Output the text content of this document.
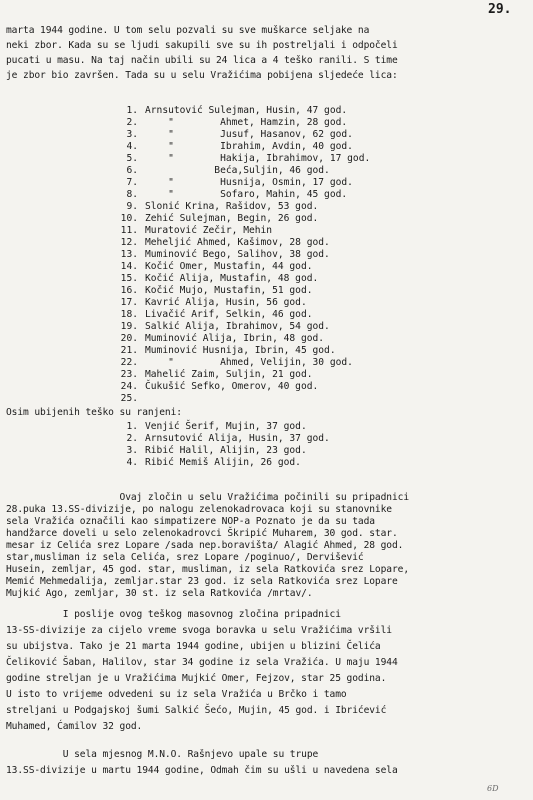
29.
marta 1944 godine. U tom selu pozvali su sve muškarce seljake na
neki zbor. Kada su se ljudi sakupili sve su ih postreljali i odpočeli
pucati u masu. Na taj način ubili su 24 lica a 4 teško ranili. S time
je zbor bio završen. Tada su u selu Vražićima pobijena sljedeće lica:
1. Arnsutović Sulejman, Husin, 47 god.
2. "        Ahmet, Hamzin, 28 god.
3. "        Jusuf, Hasanov, 62 god.
4. "        Ibrahim, Avdin, 40 god.
5. "        Hakija, Ibrahimov, 17 god.
6. Beća,Suljin, 46 god.
7. "        Husnija, Osmin, 17 god.
8. "        Sofaro, Mahin, 45 god.
9. Slonić Krina, Rašidov, 53 god.
10. Zehić Sulejman, Begin, 26 god.
11. Muratović Zečir, Mehin
12. Meheljić Ahmed, Kašimov, 28 god.
13. Muminović Bego, Salihov, 38 god.
14. Kočić Omer, Mustafin, 44 god.
15. Kočić Alija, Mustafin, 48 god.
16. Kočić Mujo, Mustafin, 51 god.
17. Kavrić Alija, Husin, 56 god.
18. Livačić Arif, Selkin, 46 god.
19. Salkić Alija, Ibrahimov, 54 god.
20. Muminović Alija, Ibrin, 48 god.
21. Muminović Husnija, Ibrin, 45 god.
22. "        Ahmed, Velijin, 30 god.
23. Mahelić Zaim, Suljin, 21 god.
24. Čukušić Sefko, Omerov, 40 god.
25.
Osim ubijenih teško su ranjeni:
1. Venjić Šerif, Mujin, 37 god.
2. Arnsutović Alija, Husin, 37 god.
3. Ribić Halil, Alijin, 23 god.
4. Ribić Memiš Alijin, 26 god.
Ovaj zločin u selu Vražićima počinili su pripadnici
28.puka 13.SS-divizije, po nalogu zelenokadrovaca koji su stanovnike
sela Vražića označili kao simpatizere NOP-a Poznato je da su tada
handžarce doveli u selo zelenokadrovci Škripić Muharem, 30 god. star.
mesar iz Celića srez Lopare /sada nep.boravišta/ Alagić Ahmed, 28 god.
star,musliman iz sela Celića, srez Lopare /poginuo/, Dervišević
Husein, zemljar, 45 god. star, musliman, iz sela Ratkovića srez Lopare,
Memić Mehmedalija, zemljar.star 23 god. iz sela Ratkovića srez Lopare
Mujkić Ago, zemljar, 30 st. iz sela Ratkovića /mrtav/.
I poslije ovog teškog masovnog zločina pripadnici
13-SS-divizije za cijelo vreme svoga boravka u selu Vražićima vršili
su ubijstva. Tako je 21 marta 1944 godine, ubijen u blizini Čelića
Čeliković Šaban, Halilov, star 34 godine iz sela Vražića. U maju 1944
godine streljan je u Vražićima Mujkić Omer, Fejzov, star 25 godina.
U isto to vrijeme odvedeni su iz sela Vražića u Brčko i tamo
streljani u Podgajskoj šumi Salkić Šećo, Mujin, 45 god. i Ibrićević
Muhamed, Ćamilov 32 god.
U sela mjesnog M.N.O. Rašnjevo upale su trupe
13.SS-divizije u martu 1944 godine, Odmah čim su ušli u navedena sela
6D
